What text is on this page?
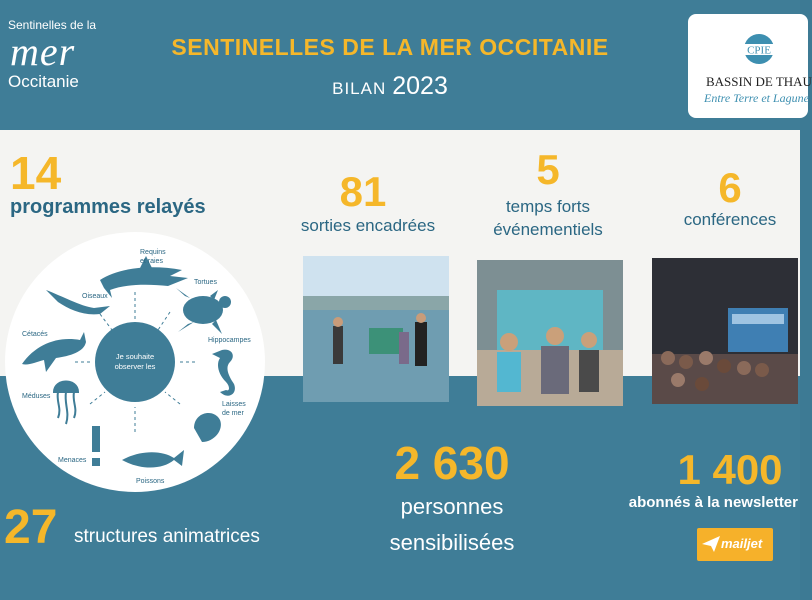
Sentinelles de la
mer
Occitanie
SENTINELLES DE LA MER OCCITANIE
BILAN 2023
CPIE
BASSIN DE THAU
Entre Terre et Lagune
14
programmes relayés	81
sorties encadrées
5
temps forts
événementiels
6
conférences
Je souhaite
observer les
Requins
et raies
Tortues
Oiseaux
Cétacés
Hippocampes
Méduses
Laisses
de mer
Menaces
Poissons
27 structures animatrices
2 630
personnes
sensibilisées
1 400
abonnés à la newsletter
mailjet
